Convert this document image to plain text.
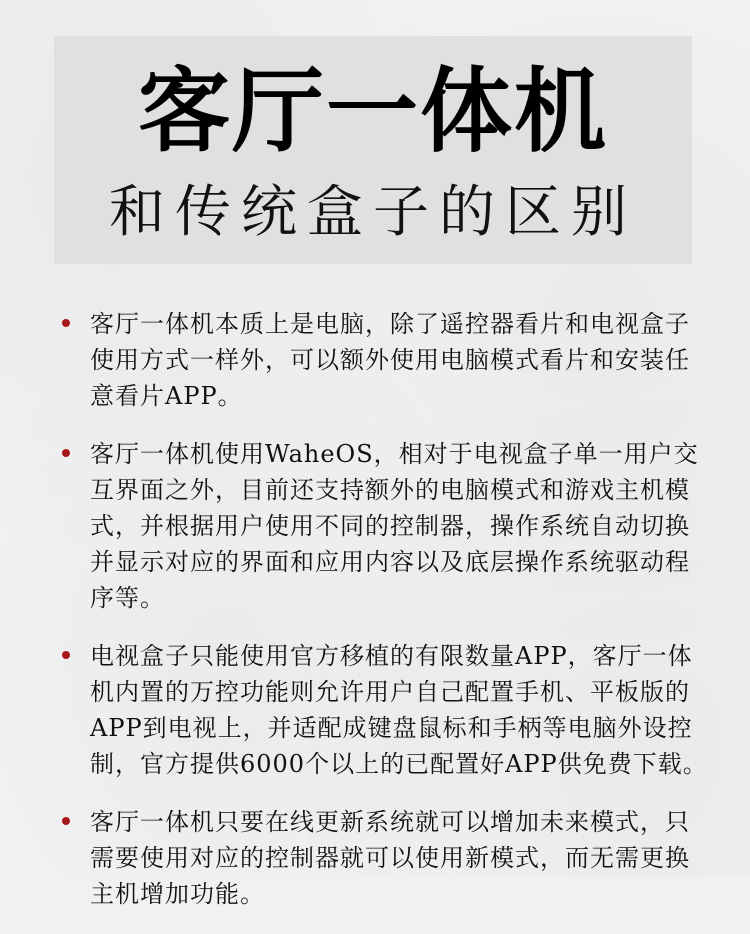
客厅一体机
和传统盒子的区别
客厅一体机本质上是电脑，除了遥控器看片和电视盒子使用方式一样外，可以额外使用电脑模式看片和安装任意看片APP。
客厅一体机使用WaheOS，相对于电视盒子单一用户交互界面之外，目前还支持额外的电脑模式和游戏主机模式，并根据用户使用不同的控制器，操作系统自动切换并显示对应的界面和应用内容以及底层操作系统驱动程序等。
电视盒子只能使用官方移植的有限数量APP，客厅一体机内置的万控功能则允许用户自己配置手机、平板版的APP到电视上，并适配成键盘鼠标和手柄等电脑外设控制，官方提供6000个以上的已配置好APP供免费下载。
客厅一体机只要在线更新系统就可以增加未来模式，只需要使用对应的控制器就可以使用新模式，而无需更换主机增加功能。
